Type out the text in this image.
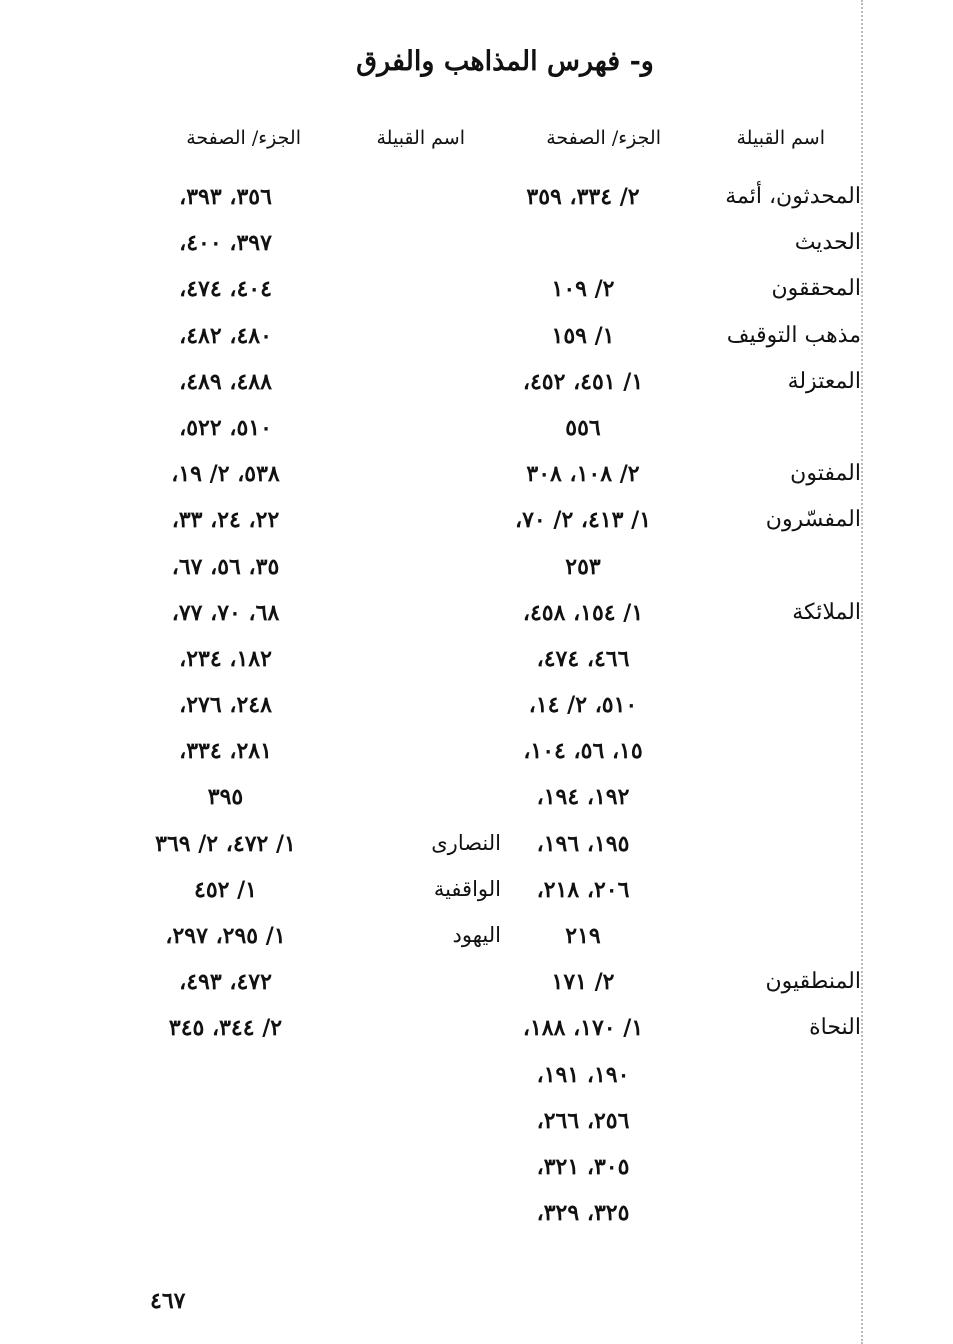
و- فهرس المذاهب والفرق
اسم القبيلة
الجزء/ الصفحة
اسم القبيلة
الجزء/ الصفحة
المحدثون، أئمة
٢/ ٣٣٤، ٣٥٩
٣٥٦، ٣٩٣،
الحديث
٣٩٧، ٤٠٠،
المحققون
٢/ ١٠٩
٤٠٤، ٤٧٤،
مذهب التوقيف
١/ ١٥٩
٤٨٠، ٤٨٢،
المعتزلة
١/ ٤٥١، ٤٥٢،
٤٨٨، ٤٨٩،
٥٥٦
٥١٠، ٥٢٢،
المفتون
٢/ ١٠٨، ٣٠٨
٥٣٨، ٢/ ١٩،
المفسّرون
١/ ٤١٣، ٢/ ٧٠،
٢٢، ٢٤، ٣٣،
٢٥٣
٣٥، ٥٦، ٦٧،
الملائكة
١/ ١٥٤، ٤٥٨،
٦٨، ٧٠، ٧٧،
٤٦٦، ٤٧٤،
١٨٢، ٢٣٤،
٥١٠، ٢/ ١٤،
٢٤٨، ٢٧٦،
١٥، ٥٦، ١٠٤،
٢٨١، ٣٣٤،
١٩٢، ١٩٤،
٣٩٥
١٩٥، ١٩٦،
النصارى
١/ ٤٧٢، ٢/ ٣٦٩
٢٠٦، ٢١٨،
الواقفية
١/ ٤٥٢
٢١٩
اليهود
١/ ٢٩٥، ٢٩٧،
المنطقيون
٢/ ١٧١
٤٧٢، ٤٩٣،
النحاة
١/ ١٧٠، ١٨٨،
٢/ ٣٤٤، ٣٤٥
١٩٠، ١٩١،
٢٥٦، ٢٦٦،
٣٠٥، ٣٢١،
٣٢٥، ٣٢٩،
٤٦٧
